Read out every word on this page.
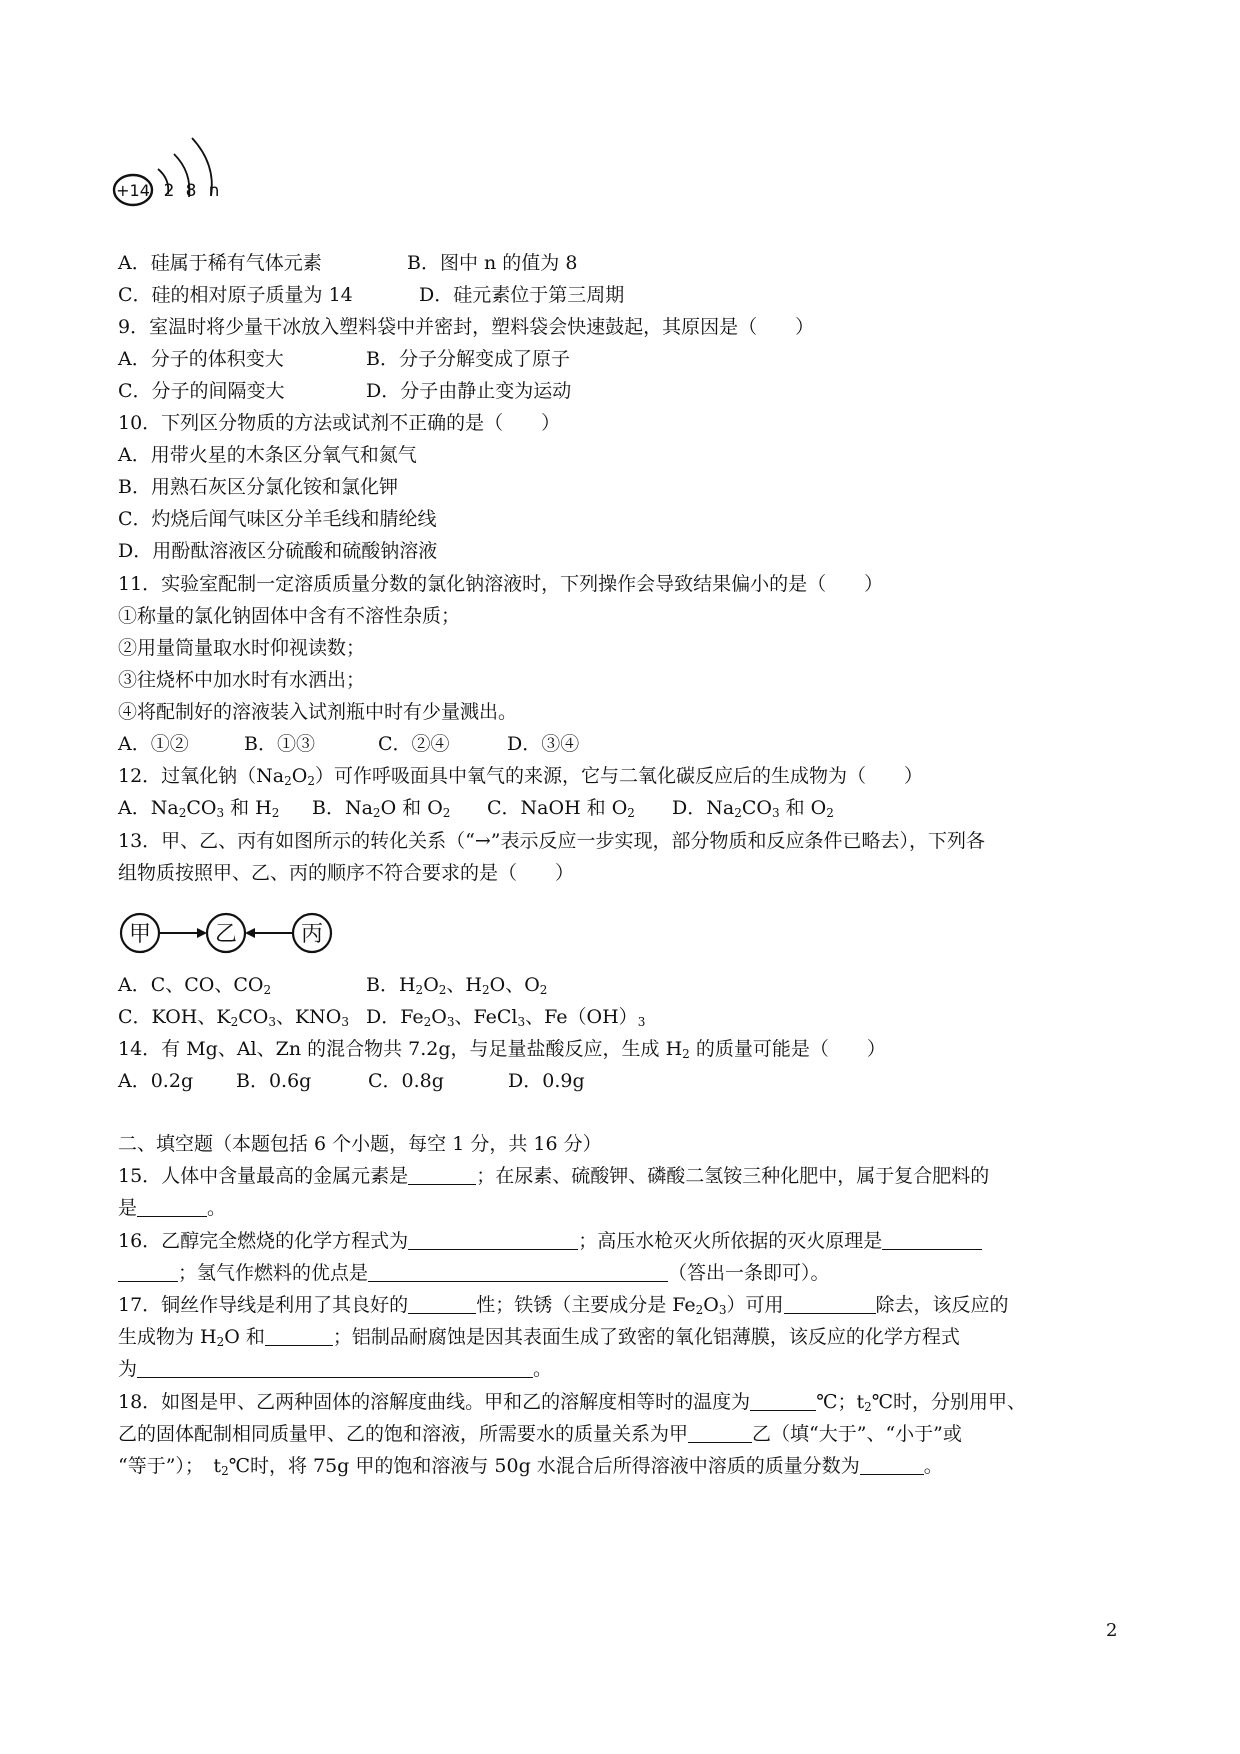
+14 2 8 n
A．硅属于稀有气体元素	B．图中 n 的值为 8
C．硅的相对原子质量为 14	D．硅元素位于第三周期
9．室温时将少量干冰放入塑料袋中并密封，塑料袋会快速鼓起，其原因是（　　）
A．分子的体积变大	B．分子分解变成了原子
C．分子的间隔变大	D．分子由静止变为运动
10．下列区分物质的方法或试剂不正确的是（　　）
A．用带火星的木条区分氧气和氮气
B．用熟石灰区分氯化铵和氯化钾
C．灼烧后闻气味区分羊毛线和腈纶线
D．用酚酞溶液区分硫酸和硫酸钠溶液
11．实验室配制一定溶质质量分数的氯化钠溶液时，下列操作会导致结果偏小的是（　　）
①称量的氯化钠固体中含有不溶性杂质；
②用量筒量取水时仰视读数；
③往烧杯中加水时有水洒出；
④将配制好的溶液装入试剂瓶中时有少量溅出。
A．①②	B．①③	C．②④	D．③④
12．过氧化钠$(Na_2O_2)$可作呼吸面具中氧气的来源，它与二氧化碳反应后的生成物为（　　）
A．$Na_2CO_3$ 和 $H_2$ B．$Na_2O$ 和 $O_2$ C．NaOH 和 $O_2$ D．$Na_2CO_3$ 和 $O_2$
13．甲、乙、丙有如图所示的转化关系（“→”表示反应一步实现，部分物质和反应条件已略去），下列各
组物质按照甲、乙、丙的顺序不符合要求的是（　　）
甲	乙	丙
A．C、CO、$CO_2$	B．$H_2O_2$、$H_2O$、$O_2$
C．KOH、$K_2CO_3$、$KNO_3$ D．$Fe_2O_3$、FeCl$_3$、$Fe(OH)_3$
14．有 Mg、Al、Zn 的混合物共 7.2g，与足量盐酸反应，生成 $H_2$ 的质量可能是（　　）
A．0.2g B．0.6g	C．0.8g	D．0.9g
二、填空题（本题包括 6 个小题，每空 1 分，共 16 分）
15．人体中含量最高的金属元素是	；在尿素、硫酸钾、磷酸二氢铵三种化肥中，属于复合肥料的
是	。
16．乙醇完全燃烧的化学方程式为	；高压水枪灭火所依据的灭火原理是
；氢气作燃料的优点是	（答出一条即可）。
17．铜丝作导线是利用了其良好的	性；铁锈（主要成分是 $Fe_2O_3$）可用	除去，该反应的
生成物为 $H_2O$ 和	；铝制品耐腐蚀是因其表面生成了致密的氧化铝薄膜，该反应的化学方程式
为	。
18．如图是甲、乙两种固体的溶解度曲线。甲和乙的溶解度相等时的温度为	℃；$t_2℃$时，分别用甲、
乙的固体配制相同质量甲、乙的饱和溶液，所需要水的质量关系为甲	乙（填“大于”、“小于”或
“等于”）；　$t_2℃$时，将 75g 甲的饱和溶液与 50g 水混合后所得溶液中溶质的质量分数为	。
2
